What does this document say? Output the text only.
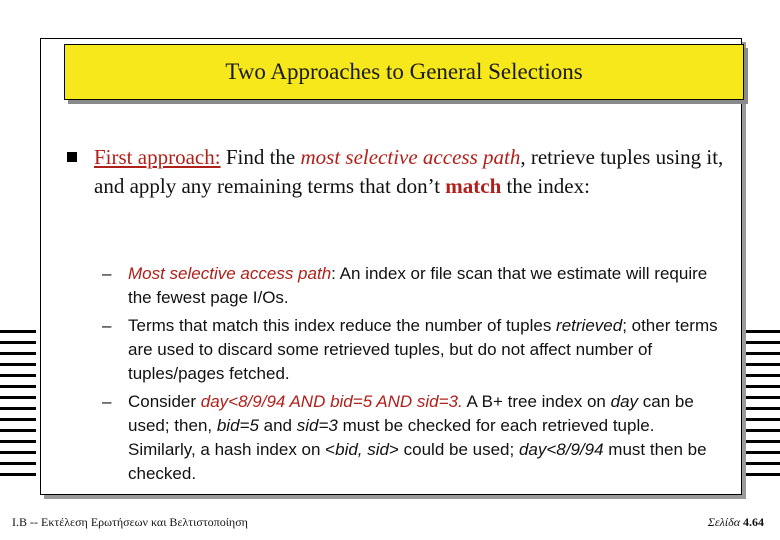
Two Approaches to General Selections
First approach: Find the most selective access path, retrieve tuples using it, and apply any remaining terms that don’t match the index:
– Most selective access path: An index or file scan that we estimate will require the fewest page I/Os.
– Terms that match this index reduce the number of tuples retrieved; other terms are used to discard some retrieved tuples, but do not affect number of tuples/pages fetched.
– Consider day<8/9/94 AND bid=5 AND sid=3. A B+ tree index on day can be used; then, bid=5 and sid=3 must be checked for each retrieved tuple. Similarly, a hash index on <bid, sid> could be used; day<8/9/94 must then be checked.
I.B -- Εκτέλεση Ερωτήσεων και Βελτιστοποίηση	Σελίδα 4.64
